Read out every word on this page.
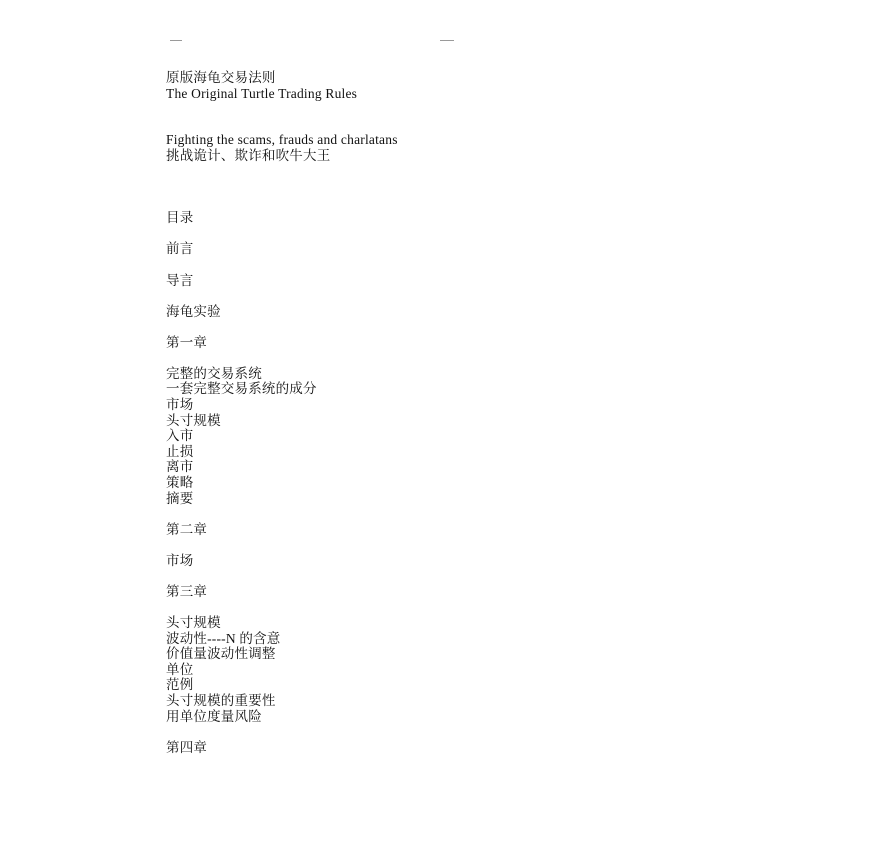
原版海龟交易法则
The Original Turtle Trading Rules
Fighting the scams, frauds and charlatans
挑战诡计、欺诈和吹牛大王
目录
前言
导言
海龟实验
第一章
完整的交易系统
一套完整交易系统的成分
市场
头寸规模
入市
止损
离市
策略
摘要
第二章
市场
第三章
头寸规模
波动性----N 的含意
价值量波动性调整
单位
范例
头寸规模的重要性
用单位度量风险
第四章
